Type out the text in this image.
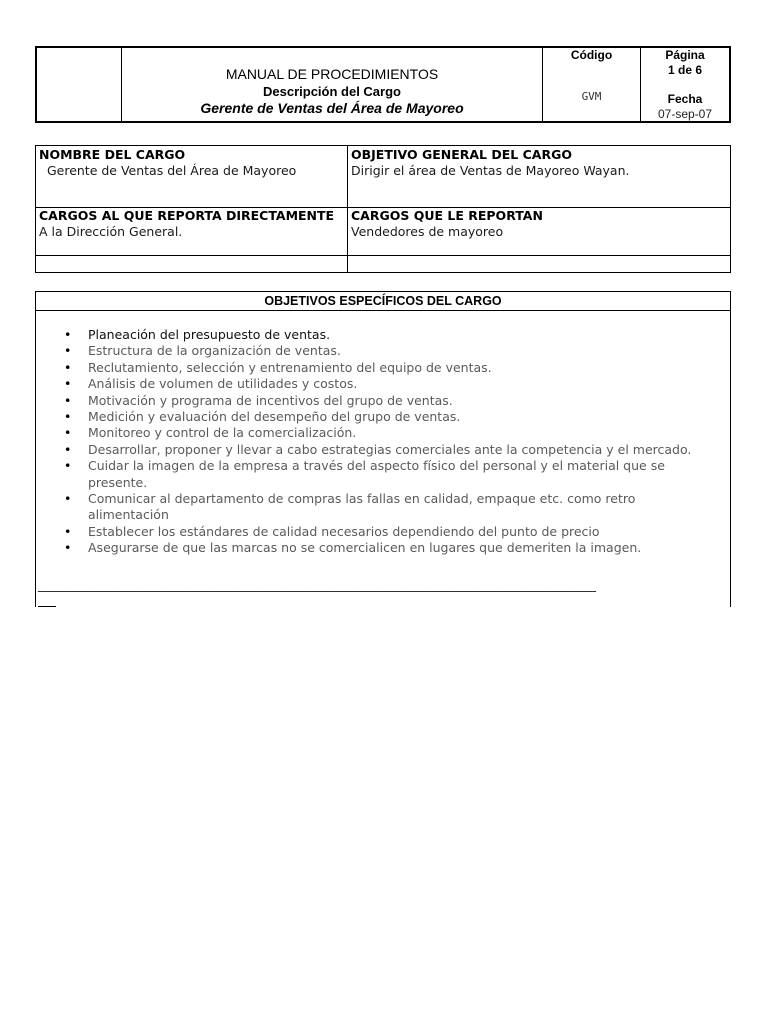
MANUAL DE PROCEDIMIENTOS
Descripción del Cargo
Gerente de Ventas del Área de Mayoreo
Código
GVM
Página
1 de 6
Fecha
07-sep-07
NOMBRE DEL CARGO
Gerente de Ventas del Área de Mayoreo
OBJETIVO GENERAL DEL CARGO
Dirigir el área de Ventas de Mayoreo Wayan.
CARGOS AL QUE REPORTA DIRECTAMENTE
A la Dirección General.
CARGOS QUE LE REPORTAN
Vendedores de mayoreo
OBJETIVOS ESPECÍFICOS DEL CARGO
• Planeación del presupuesto de ventas.
• Estructura de la organización de ventas.
• Reclutamiento, selección y entrenamiento del equipo de ventas.
• Análisis de volumen de utilidades y costos.
• Motivación y programa de incentivos del grupo de ventas.
• Medición y evaluación del desempeño del grupo de ventas.
• Monitoreo y control de la comercialización.
• Desarrollar, proponer y llevar a cabo estrategias comerciales ante la competencia y el mercado.
• Cuidar la imagen de la empresa a través del aspecto físico del personal y el material que se presente.
• Comunicar al departamento de compras las fallas en calidad, empaque etc. como retro alimentación
• Establecer los estándares de calidad necesarios dependiendo del punto de precio
• Asegurarse de que las marcas no se comercialicen en lugares que demeriten la imagen.
_____________________________________________________________________________________________
